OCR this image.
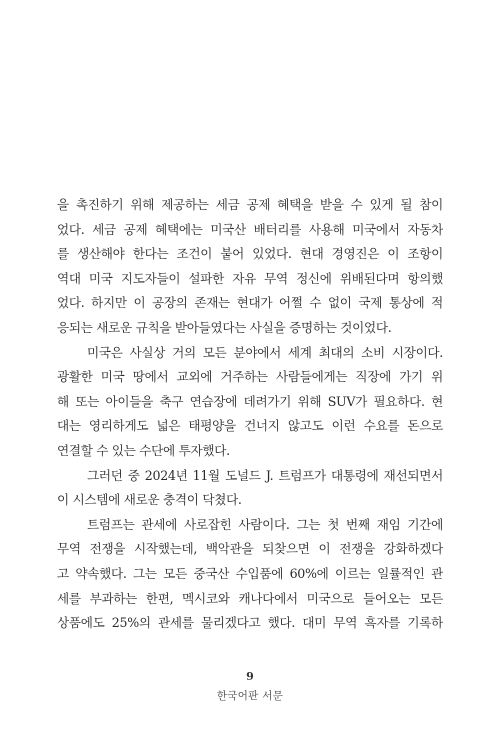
을 촉진하기 위해 제공하는 세금 공제 혜택을 받을 수 있게 될 참이
었다. 세금 공제 혜택에는 미국산 배터리를 사용해 미국에서 자동차
를 생산해야 한다는 조건이 붙어 있었다. 현대 경영진은 이 조항이
역대 미국 지도자들이 설파한 자유 무역 정신에 위배된다며 항의했
었다. 하지만 이 공장의 존재는 현대가 어쩔 수 없이 국제 통상에 적
응되는 새로운 규칙을 받아들였다는 사실을 증명하는 것이었다.
미국은 사실상 거의 모든 분야에서 세계 최대의 소비 시장이다.
광활한 미국 땅에서 교외에 거주하는 사람들에게는 직장에 가기 위
해 또는 아이들을 축구 연습장에 데려가기 위해 SUV가 필요하다. 현
대는 영리하게도 넓은 태평양을 건너지 않고도 이런 수요를 돈으로
연결할 수 있는 수단에 투자했다.
그러던 중 2024년 11월 도널드 J. 트럼프가 대통령에 재선되면서
이 시스템에 새로운 충격이 닥쳤다.
트럼프는 관세에 사로잡힌 사람이다. 그는 첫 번째 재임 기간에
무역 전쟁을 시작했는데, 백악관을 되찾으면 이 전쟁을 강화하겠다
고 약속했다. 그는 모든 중국산 수입품에 60%에 이르는 일률적인 관
세를 부과하는 한편, 멕시코와 캐나다에서 미국으로 들어오는 모든
상품에도 25%의 관세를 물리겠다고 했다. 대미 무역 흑자를 기록하
9
한국어판 서문
